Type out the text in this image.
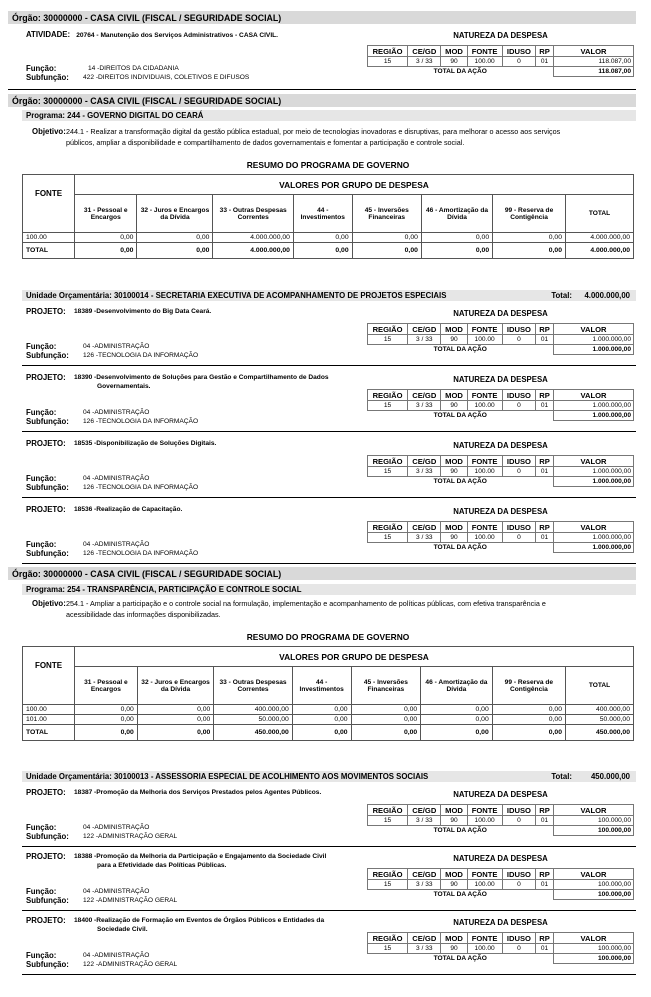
Órgão: 30000000 - CASA CIVIL (FISCAL / SEGURIDADE SOCIAL)
ATIVIDADE: 20764 - Manutenção dos Serviços Administrativos - CASA CIVIL.	NATUREZA DA DESPESA
REGIÃO	CE/GD	MOD	FONTE	IDUSO	RP	VALOR
15	3 / 33	90	100.00	0	01	118.087,00
TOTAL DA AÇÃO						118.087,00
Função:	14 -DIREITOS DA CIDADANIA
Subfunção: 422 -DIREITOS INDIVIDUAIS, COLETIVOS E DIFUSOS
Órgão: 30000000 - CASA CIVIL (FISCAL / SEGURIDADE SOCIAL)
Programa: 244 - GOVERNO DIGITAL DO CEARÁ
Objetivo: 244.1 - Realizar a transformação digital da gestão pública estadual, por meio de tecnologias inovadoras e disruptivas, para melhorar o acesso aos serviços
públicos, ampliar a disponibilidade e compartilhamento de dados governamentais e fomentar a participação e controle social.
RESUMO DO PROGRAMA DE GOVERNO
FONTE	VALORES POR GRUPO DE DESPESA							
	31 - Pessoal e Encargos	32 - Juros e Encargos da Dívida	33 - Outras Despesas Correntes	44 - Investimentos	45 - Inversões Financeiras	46 - Amortização da Dívida	99 - Reserva de Contigência	TOTAL
100.00	0,00	0,00	4.000.000,00	0,00	0,00	0,00	0,00	4.000.000,00
TOTAL	0,00	0,00	4.000.000,00	0,00	0,00	0,00	0,00	4.000.000,00
Unidade Orçamentária: 30100014 - SECRETARIA EXECUTIVA DE ACOMPANHAMENTO DE PROJETOS ESPECIAIS	Total: 4.000.000,00
PROJETO: 18389 -Desenvolvimento do Big Data Ceará.	NATUREZA DA DESPESA
REGIÃO	CE/GD	MOD	FONTE	IDUSO	RP	VALOR
15	3 / 33	90	100.00	0	01	1.000.000,00
TOTAL DA AÇÃO						1.000.000,00
Função:	04 -ADMINISTRAÇÃO
Subfunção: 126 -TECNOLOGIA DA INFORMAÇÃO
PROJETO: 18390 -Desenvolvimento de Soluções para Gestão e Compartilhamento de Dados
Governamentais.
NATUREZA DA DESPESA
REGIÃO	CE/GD	MOD	FONTE	IDUSO	RP	VALOR
15	3 / 33	90	100.00	0	01	1.000.000,00
TOTAL DA AÇÃO						1.000.000,00
Função:	04 -ADMINISTRAÇÃO
Subfunção: 126 -TECNOLOGIA DA INFORMAÇÃO
PROJETO: 18535 -Disponibilização de Soluções Digitais.	NATUREZA DA DESPESA
REGIÃO	CE/GD	MOD	FONTE	IDUSO	RP	VALOR
15	3 / 33	90	100.00	0	01	1.000.000,00
TOTAL DA AÇÃO						1.000.000,00
Função:	04 -ADMINISTRAÇÃO
Subfunção: 126 -TECNOLOGIA DA INFORMAÇÃO
PROJETO: 18536 -Realização de Capacitação.	NATUREZA DA DESPESA
REGIÃO	CE/GD	MOD	FONTE	IDUSO	RP	VALOR
15	3 / 33	90	100.00	0	01	1.000.000,00
TOTAL DA AÇÃO						1.000.000,00
Função:	04 -ADMINISTRAÇÃO
Subfunção: 126 -TECNOLOGIA DA INFORMAÇÃO
Órgão: 30000000 - CASA CIVIL (FISCAL / SEGURIDADE SOCIAL)
Programa: 254 - TRANSPARÊNCIA, PARTICIPAÇÃO E CONTROLE SOCIAL
Objetivo: 254.1 - Ampliar a participação e o controle social na formulação, implementação e acompanhamento de políticas públicas, com efetiva transparência e
acessibilidade das informações disponibilizadas.
RESUMO DO PROGRAMA DE GOVERNO
FONTE	VALORES POR GRUPO DE DESPESA							
	31 - Pessoal e Encargos	32 - Juros e Encargos da Dívida	33 - Outras Despesas Correntes	44 - Investimentos	45 - Inversões Financeiras	46 - Amortização da Dívida	99 - Reserva de Contigência	TOTAL
100.00	0,00	0,00	400.000,00	0,00	0,00	0,00	0,00	400.000,00
101.00	0,00	0,00	50.000,00	0,00	0,00	0,00	0,00	50.000,00
TOTAL	0,00	0,00	450.000,00	0,00	0,00	0,00	0,00	450.000,00
Unidade Orçamentária: 30100013 - ASSESSORIA ESPECIAL DE ACOLHIMENTO AOS MOVIMENTOS SOCIAIS	Total: 450.000,00
PROJETO: 18387 -Promoção da Melhoria dos Serviços Prestados pelos Agentes Públicos.	NATUREZA DA DESPESA
REGIÃO	CE/GD	MOD	FONTE	IDUSO	RP	VALOR
15	3 / 33	90	100.00	0	01	100.000,00
TOTAL DA AÇÃO						100.000,00
Função:	04 -ADMINISTRAÇÃO
Subfunção: 122 -ADMINISTRAÇÃO GERAL
PROJETO: 18388 -Promoção da Melhoria da Participação e Engajamento da Sociedade Civil
para a Efetividade das Políticas Públicas.
NATUREZA DA DESPESA
REGIÃO	CE/GD	MOD	FONTE	IDUSO	RP	VALOR
15	3 / 33	90	100.00	0	01	100.000,00
TOTAL DA AÇÃO						100.000,00
Função:	04 -ADMINISTRAÇÃO
Subfunção: 122 -ADMINISTRAÇÃO GERAL
PROJETO: 18400 -Realização de Formação em Eventos de Órgãos Públicos e Entidades da
Sociedade Civil.
NATUREZA DA DESPESA
REGIÃO	CE/GD	MOD	FONTE	IDUSO	RP	VALOR
15	3 / 33	90	100.00	0	01	100.000,00
TOTAL DA AÇÃO						100.000,00
Função:	04 -ADMINISTRAÇÃO
Subfunção: 122 -ADMINISTRAÇÃO GERAL
